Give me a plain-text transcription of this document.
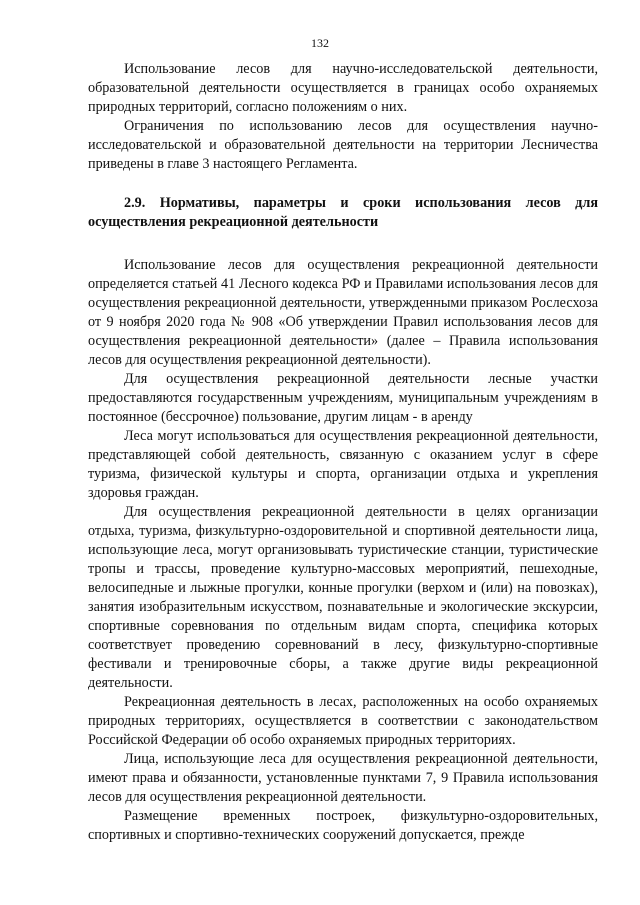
132

Использование лесов для научно-исследовательской деятельности, образовательной деятельности осуществляется в границах особо охраняемых природных территорий, согласно положениям о них.

Ограничения по использованию лесов для осуществления научно-исследовательской и образовательной деятельности на территории Лесничества приведены в главе 3 настоящего Регламента.

2.9. Нормативы, параметры и сроки использования лесов для осуществления рекреационной деятельности

Использование лесов для осуществления рекреационной деятельности определяется статьей 41 Лесного кодекса РФ и Правилами использования лесов для осуществления рекреационной деятельности, утвержденными приказом Рослесхоза от 9 ноября 2020 года № 908 «Об утверждении Правил использования лесов для осуществления рекреационной деятельности» (далее – Правила использования лесов для осуществления рекреационной деятельности).

Для осуществления рекреационной деятельности лесные участки предоставляются государственным учреждениям, муниципальным учреждениям в постоянное (бессрочное) пользование, другим лицам - в аренду

Леса могут использоваться для осуществления рекреационной деятельности, представляющей собой деятельность, связанную с оказанием услуг в сфере туризма, физической культуры и спорта, организации отдыха и укрепления здоровья граждан.

Для осуществления рекреационной деятельности в целях организации отдыха, туризма, физкультурно-оздоровительной и спортивной деятельности лица, использующие леса, могут организовывать туристические станции, туристические тропы и трассы, проведение культурно-массовых мероприятий, пешеходные, велосипедные и лыжные прогулки, конные прогулки (верхом и (или) на повозках), занятия изобразительным искусством, познавательные и экологические экскурсии, спортивные соревнования по отдельным видам спорта, специфика которых соответствует проведению соревнований в лесу, физкультурно-спортивные фестивали и тренировочные сборы, а также другие виды рекреационной деятельности.

Рекреационная деятельность в лесах, расположенных на особо охраняемых природных территориях, осуществляется в соответствии с законодательством Российской Федерации об особо охраняемых природных территориях.

Лица, использующие леса для осуществления рекреационной деятельности, имеют права и обязанности, установленные пунктами 7, 9 Правила использования лесов для осуществления рекреационной деятельности.

Размещение временных построек, физкультурно-оздоровительных, спортивных и спортивно-технических сооружений допускается, прежде
